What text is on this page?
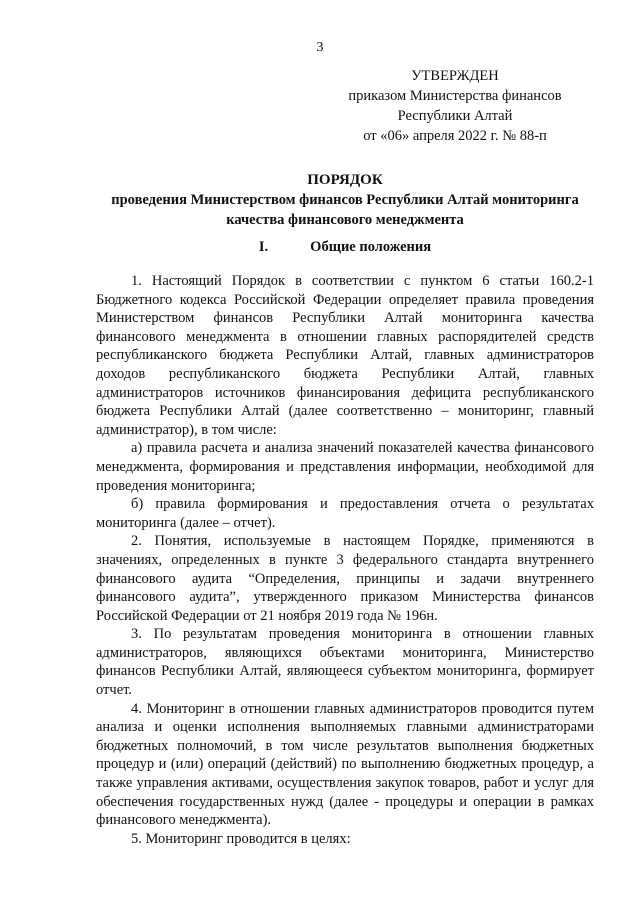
3
УТВЕРЖДЕН
приказом Министерства финансов
Республики Алтай
от «06» апреля 2022 г. № 88-п
ПОРЯДОК
проведения Министерством финансов Республики Алтай мониторинга
качества финансового менеджмента
I.	Общие положения

1. Настоящий Порядок в соответствии с пунктом 6 статьи 160.2-1 Бюджетного кодекса Российской Федерации определяет правила проведения Министерством финансов Республики Алтай мониторинга качества финансового менеджмента в отношении главных распорядителей средств республиканского бюджета Республики Алтай, главных администраторов доходов республиканского бюджета Республики Алтай, главных администраторов источников финансирования дефицита республиканского бюджета Республики Алтай (далее соответственно – мониторинг, главный администратор), в том числе:

а) правила расчета и анализа значений показателей качества финансового менеджмента, формирования и представления информации, необходимой для проведения мониторинга;

б) правила формирования и предоставления отчета о результатах мониторинга (далее – отчет).

2. Понятия, используемые в настоящем Порядке, применяются в значениях, определенных в пункте 3 федерального стандарта внутреннего финансового аудита “Определения, принципы и задачи внутреннего финансового аудита”, утвержденного приказом Министерства финансов Российской Федерации от 21 ноября 2019 года № 196н.

3. По результатам проведения мониторинга в отношении главных администраторов, являющихся объектами мониторинга, Министерство финансов Республики Алтай, являющееся субъектом мониторинга, формирует отчет.

4. Мониторинг в отношении главных администраторов проводится путем анализа и оценки исполнения выполняемых главными администраторами бюджетных полномочий, в том числе результатов выполнения бюджетных процедур и (или) операций (действий) по выполнению бюджетных процедур, а также управления активами, осуществления закупок товаров, работ и услуг для обеспечения государственных нужд (далее - процедуры и операции в рамках финансового менеджмента).

5. Мониторинг проводится в целях:
